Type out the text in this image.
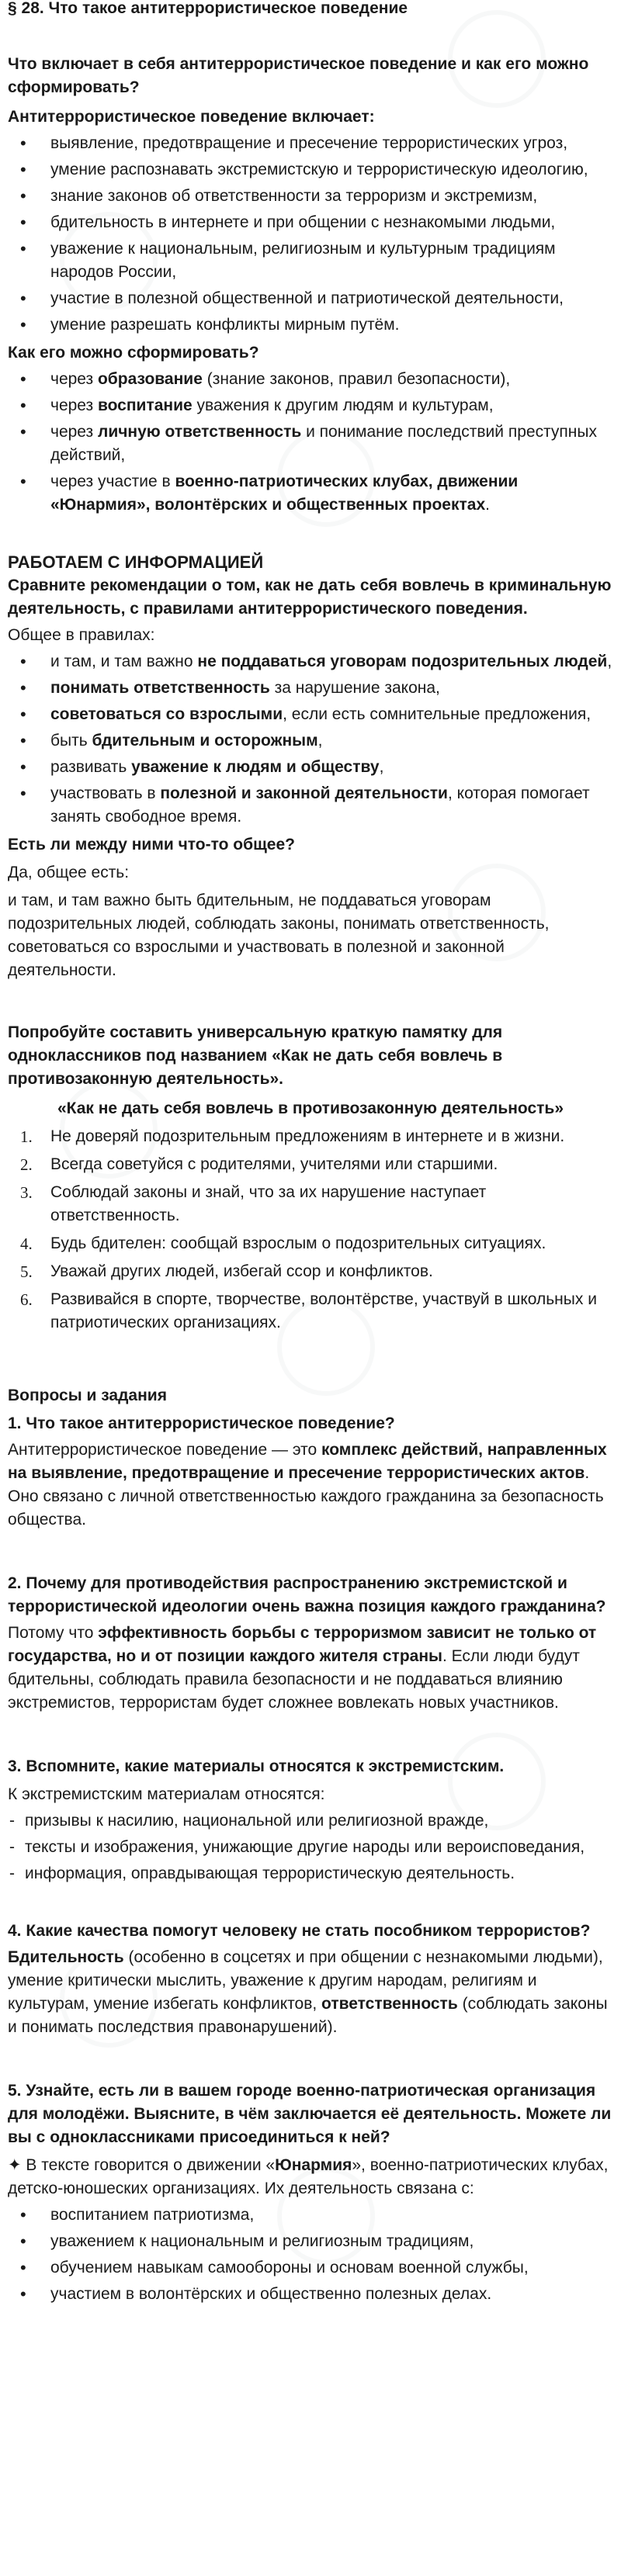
§ 28. Что такое антитеррористическое поведение

Что включает в себя антитеррористическое поведение и как его можно сформировать?

Антитеррористическое поведение включает:

• выявление, предотвращение и пресечение террористических угроз,
• умение распознавать экстремистскую и террористическую идеологию,
• знание законов об ответственности за терроризм и экстремизм,
• бдительность в интернете и при общении с незнакомыми людьми,
• уважение к национальным, религиозным и культурным традициям народов России,
• участие в полезной общественной и патриотической деятельности,
• умение разрешать конфликты мирным путём.

Как его можно сформировать?

• через образование (знание законов, правил безопасности),
• через воспитание уважения к другим людям и культурам,
• через личную ответственность и понимание последствий преступных действий,
• через участие в военно-патриотических клубах, движении «Юнармия», волонтёрских и общественных проектах.
РАБОТАЕМ С ИНФОРМАЦИЕЙ

Сравните рекомендации о том, как не дать себя вовлечь в криминальную деятельность, с правилами антитеррористического поведения.

Общее в правилах:

• и там, и там важно не поддаваться уговорам подозрительных людей,
• понимать ответственность за нарушение закона,
• советоваться со взрослыми, если есть сомнительные предложения,
• быть бдительным и осторожным,
• развивать уважение к людям и обществу,
• участвовать в полезной и законной деятельности, которая помогает занять свободное время.

Есть ли между ними что-то общее?

Да, общее есть:

и там, и там важно быть бдительным, не поддаваться уговорам подозрительных людей, соблюдать законы, понимать ответственность, советоваться со взрослыми и участвовать в полезной и законной деятельности.

Попробуйте составить универсальную краткую памятку для одноклассников под названием «Как не дать себя вовлечь в противозаконную деятельность».

«Как не дать себя вовлечь в противозаконную деятельность»

1. Не доверяй подозрительным предложениям в интернете и в жизни.
2. Всегда советуйся с родителями, учителями или старшими.
3. Соблюдай законы и знай, что за их нарушение наступает ответственность.
4. Будь бдителен: сообщай взрослым о подозрительных ситуациях.
5. Уважай других людей, избегай ссор и конфликтов.
6. Развивайся в спорте, творчестве, волонтёрстве, участвуй в школьных и патриотических организациях.

Вопросы и задания

1. Что такое антитеррористическое поведение?

Антитеррористическое поведение — это комплекс действий, направленных на выявление, предотвращение и пресечение террористических актов. Оно связано с личной ответственностью каждого гражданина за безопасность общества.

2. Почему для противодействия распространению экстремистской и террористической идеологии очень важна позиция каждого гражданина?

Потому что эффективность борьбы с терроризмом зависит не только от государства, но и от позиции каждого жителя страны. Если люди будут бдительны, соблюдать правила безопасности и не поддаваться влиянию экстремистов, террористам будет сложнее вовлекать новых участников.

3. Вспомните, какие материалы относятся к экстремистским.

К экстремистским материалам относятся:

- призывы к насилию, национальной или религиозной вражде,
- тексты и изображения, унижающие другие народы или вероисповедания,
- информация, оправдывающая террористическую деятельность.

4. Какие качества помогут человеку не стать пособником террористов?

Бдительность (особенно в соцсетях и при общении с незнакомыми людьми), умение критически мыслить, уважение к другим народам, религиям и культурам, умение избегать конфликтов, ответственность (соблюдать законы и понимать последствия правонарушений).

5. Узнайте, есть ли в вашем городе военно-патриотическая организация для молодёжи. Выясните, в чём заключается её деятельность. Можете ли вы с одноклассниками присоединиться к ней?

✦ В тексте говорится о движении «Юнармия», военно-патриотических клубах, детско-юношеских организациях. Их деятельность связана с:

• воспитанием патриотизма,
• уважением к национальным и религиозным традициям,
• обучением навыкам самообороны и основам военной службы,
• участием в волонтёрских и общественно полезных делах.
